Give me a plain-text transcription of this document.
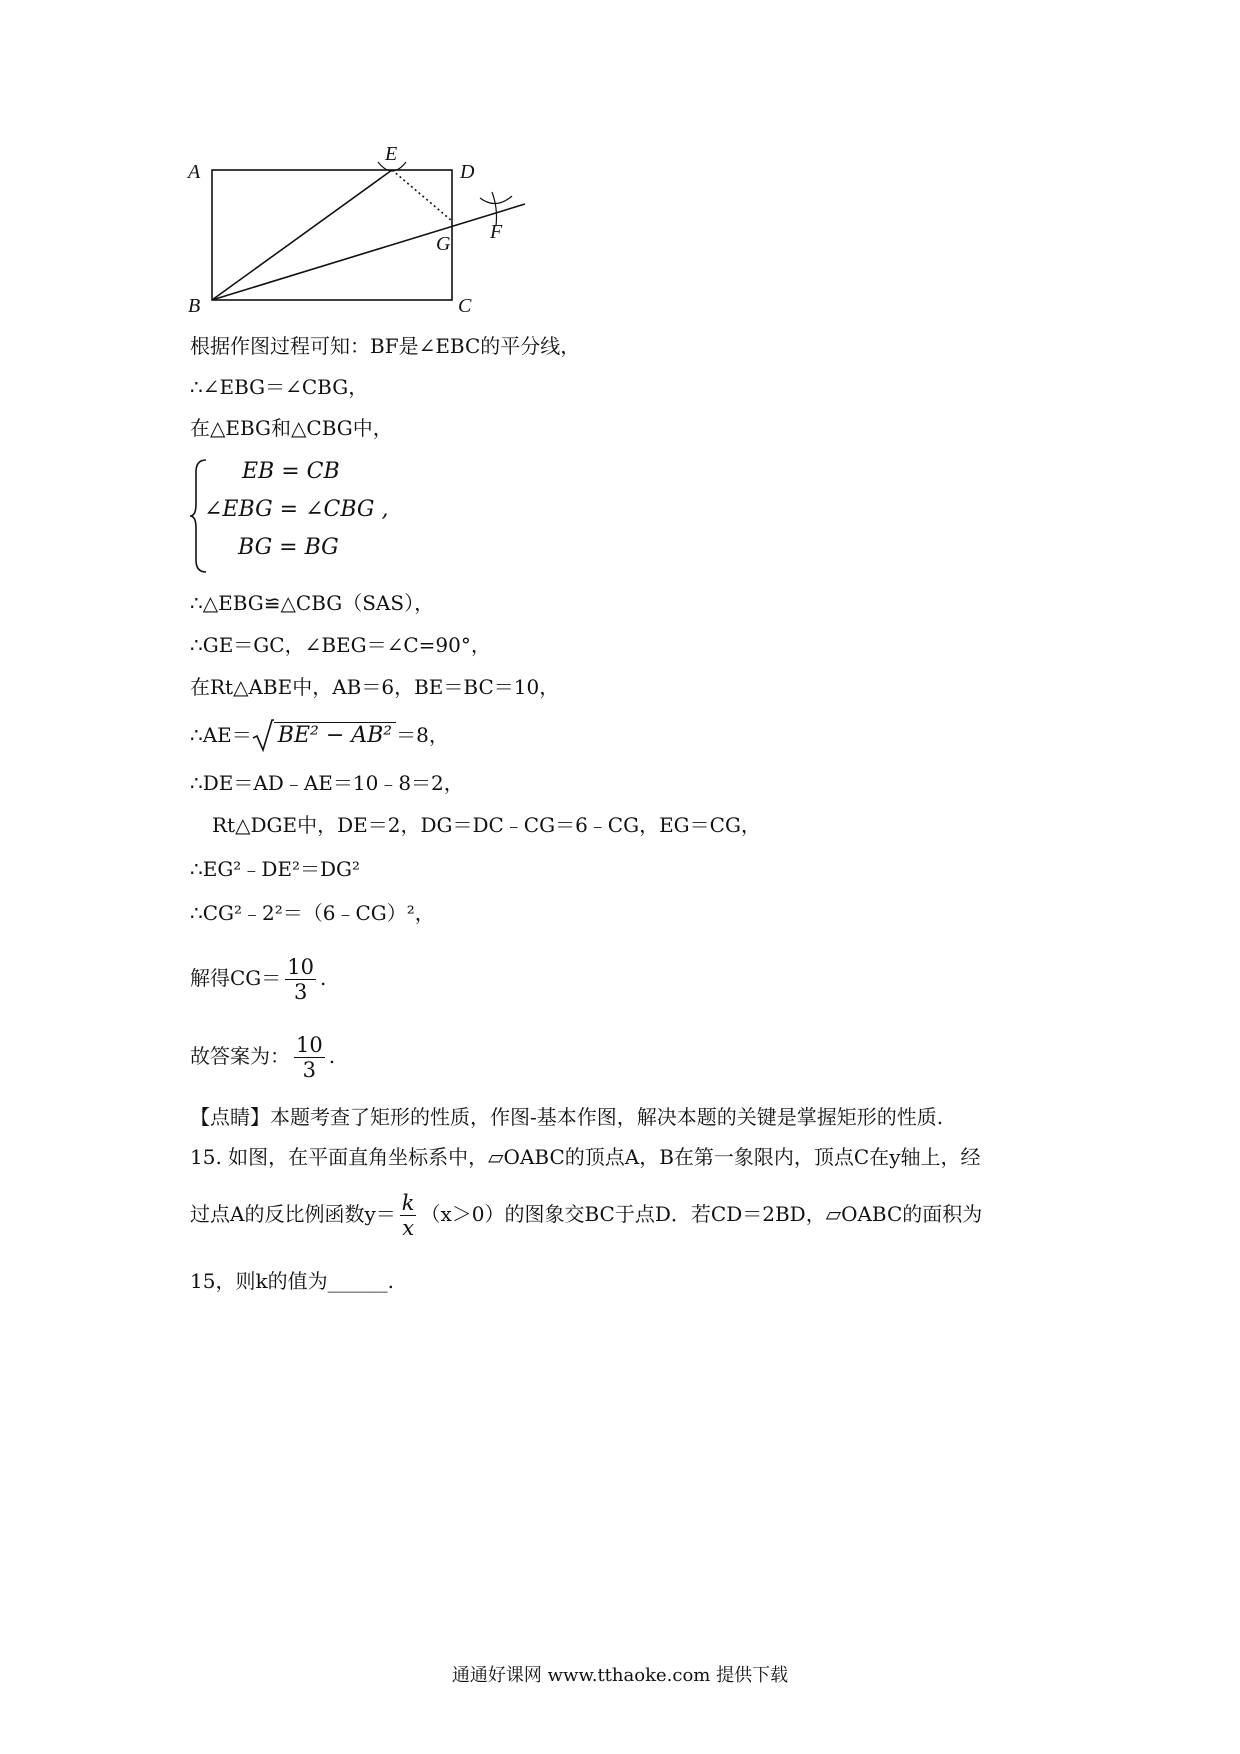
A
B	C
D
E
F
G
根据作图过程可知：BF是∠EBC的平分线，
∴∠EBG＝∠CBG，
在△EBG和△CBG中，
EB = CB
∠EBG = ∠CBG ,
BG = BG
∴△EBG≌△CBG（SAS），
∴GE＝GC，∠BEG＝∠C=90°，
在Rt△ABE中，AB＝6，BE＝BC＝10，
∴AE＝ BE² − AB² ＝8，
∴DE＝AD﹣AE＝10﹣8＝2，
Rt△DGE中，DE＝2，DG＝DC﹣CG＝6﹣CG，EG＝CG，
∴EG²﹣DE²＝DG²
∴CG²﹣2²＝（6﹣CG）²，
解得$CG= \frac{10}{3}$ .
故答案为： $\frac{10}{3}$ .
【点睛】本题考查了矩形的性质，作图-基本作图，解决本题的关键是掌握矩形的性质.
15. 如图，在平面直角坐标系中，▱OABC的顶点A，B在第一象限内，顶点C在y轴上，经
过点A的反比例函数$y= \frac{k}{x} (x>0)$的图象交BC于点D．若CD＝2BD，▱OABC的面积为
15，则k的值为______.
通通好课网 www.tthaoke.com 提供下载
